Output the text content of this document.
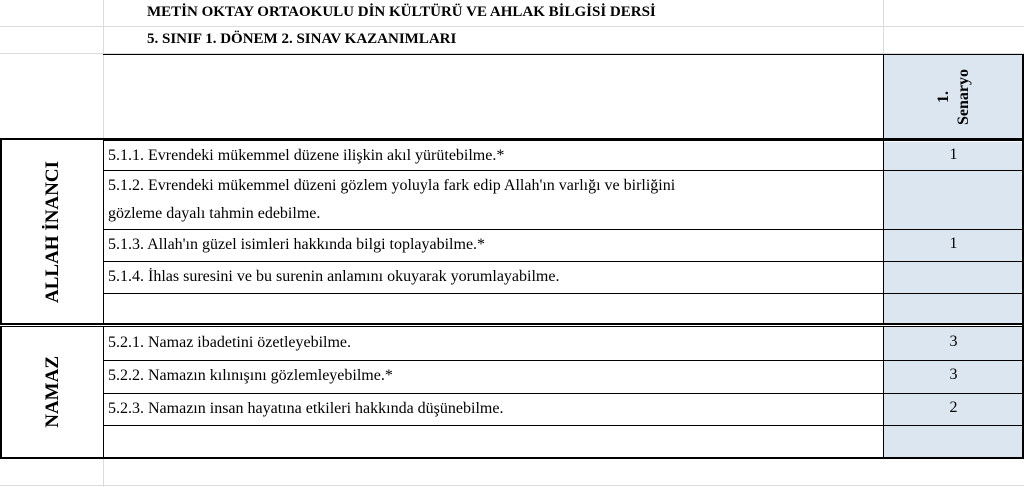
METİN OKTAY ORTAOKULU DİN KÜLTÜRÜ VE AHLAK BİLGİSİ DERSİ
5. SINIF 1. DÖNEM 2. SINAV KAZANIMLARI
1. Senaryo
ALLAH İNANCI
NAMAZ
5.1.1. Evrendeki mükemmel düzene ilişkin akıl yürütebilme.*	1
5.1.2. Evrendeki mükemmel düzeni gözlem yoluyla fark edip Allah'ın varlığı ve birliğini
gözleme dayalı tahmin edebilme.
5.1.3. Allah'ın güzel isimleri hakkında bilgi toplayabilme.*	1
5.1.4. İhlas suresini ve bu surenin anlamını okuyarak yorumlayabilme.
5.2.1. Namaz ibadetini özetleyebilme.	3
5.2.2. Namazın kılınışını gözlemleyebilme.*	3
5.2.3. Namazın insan hayatına etkileri hakkında düşünebilme.	2
